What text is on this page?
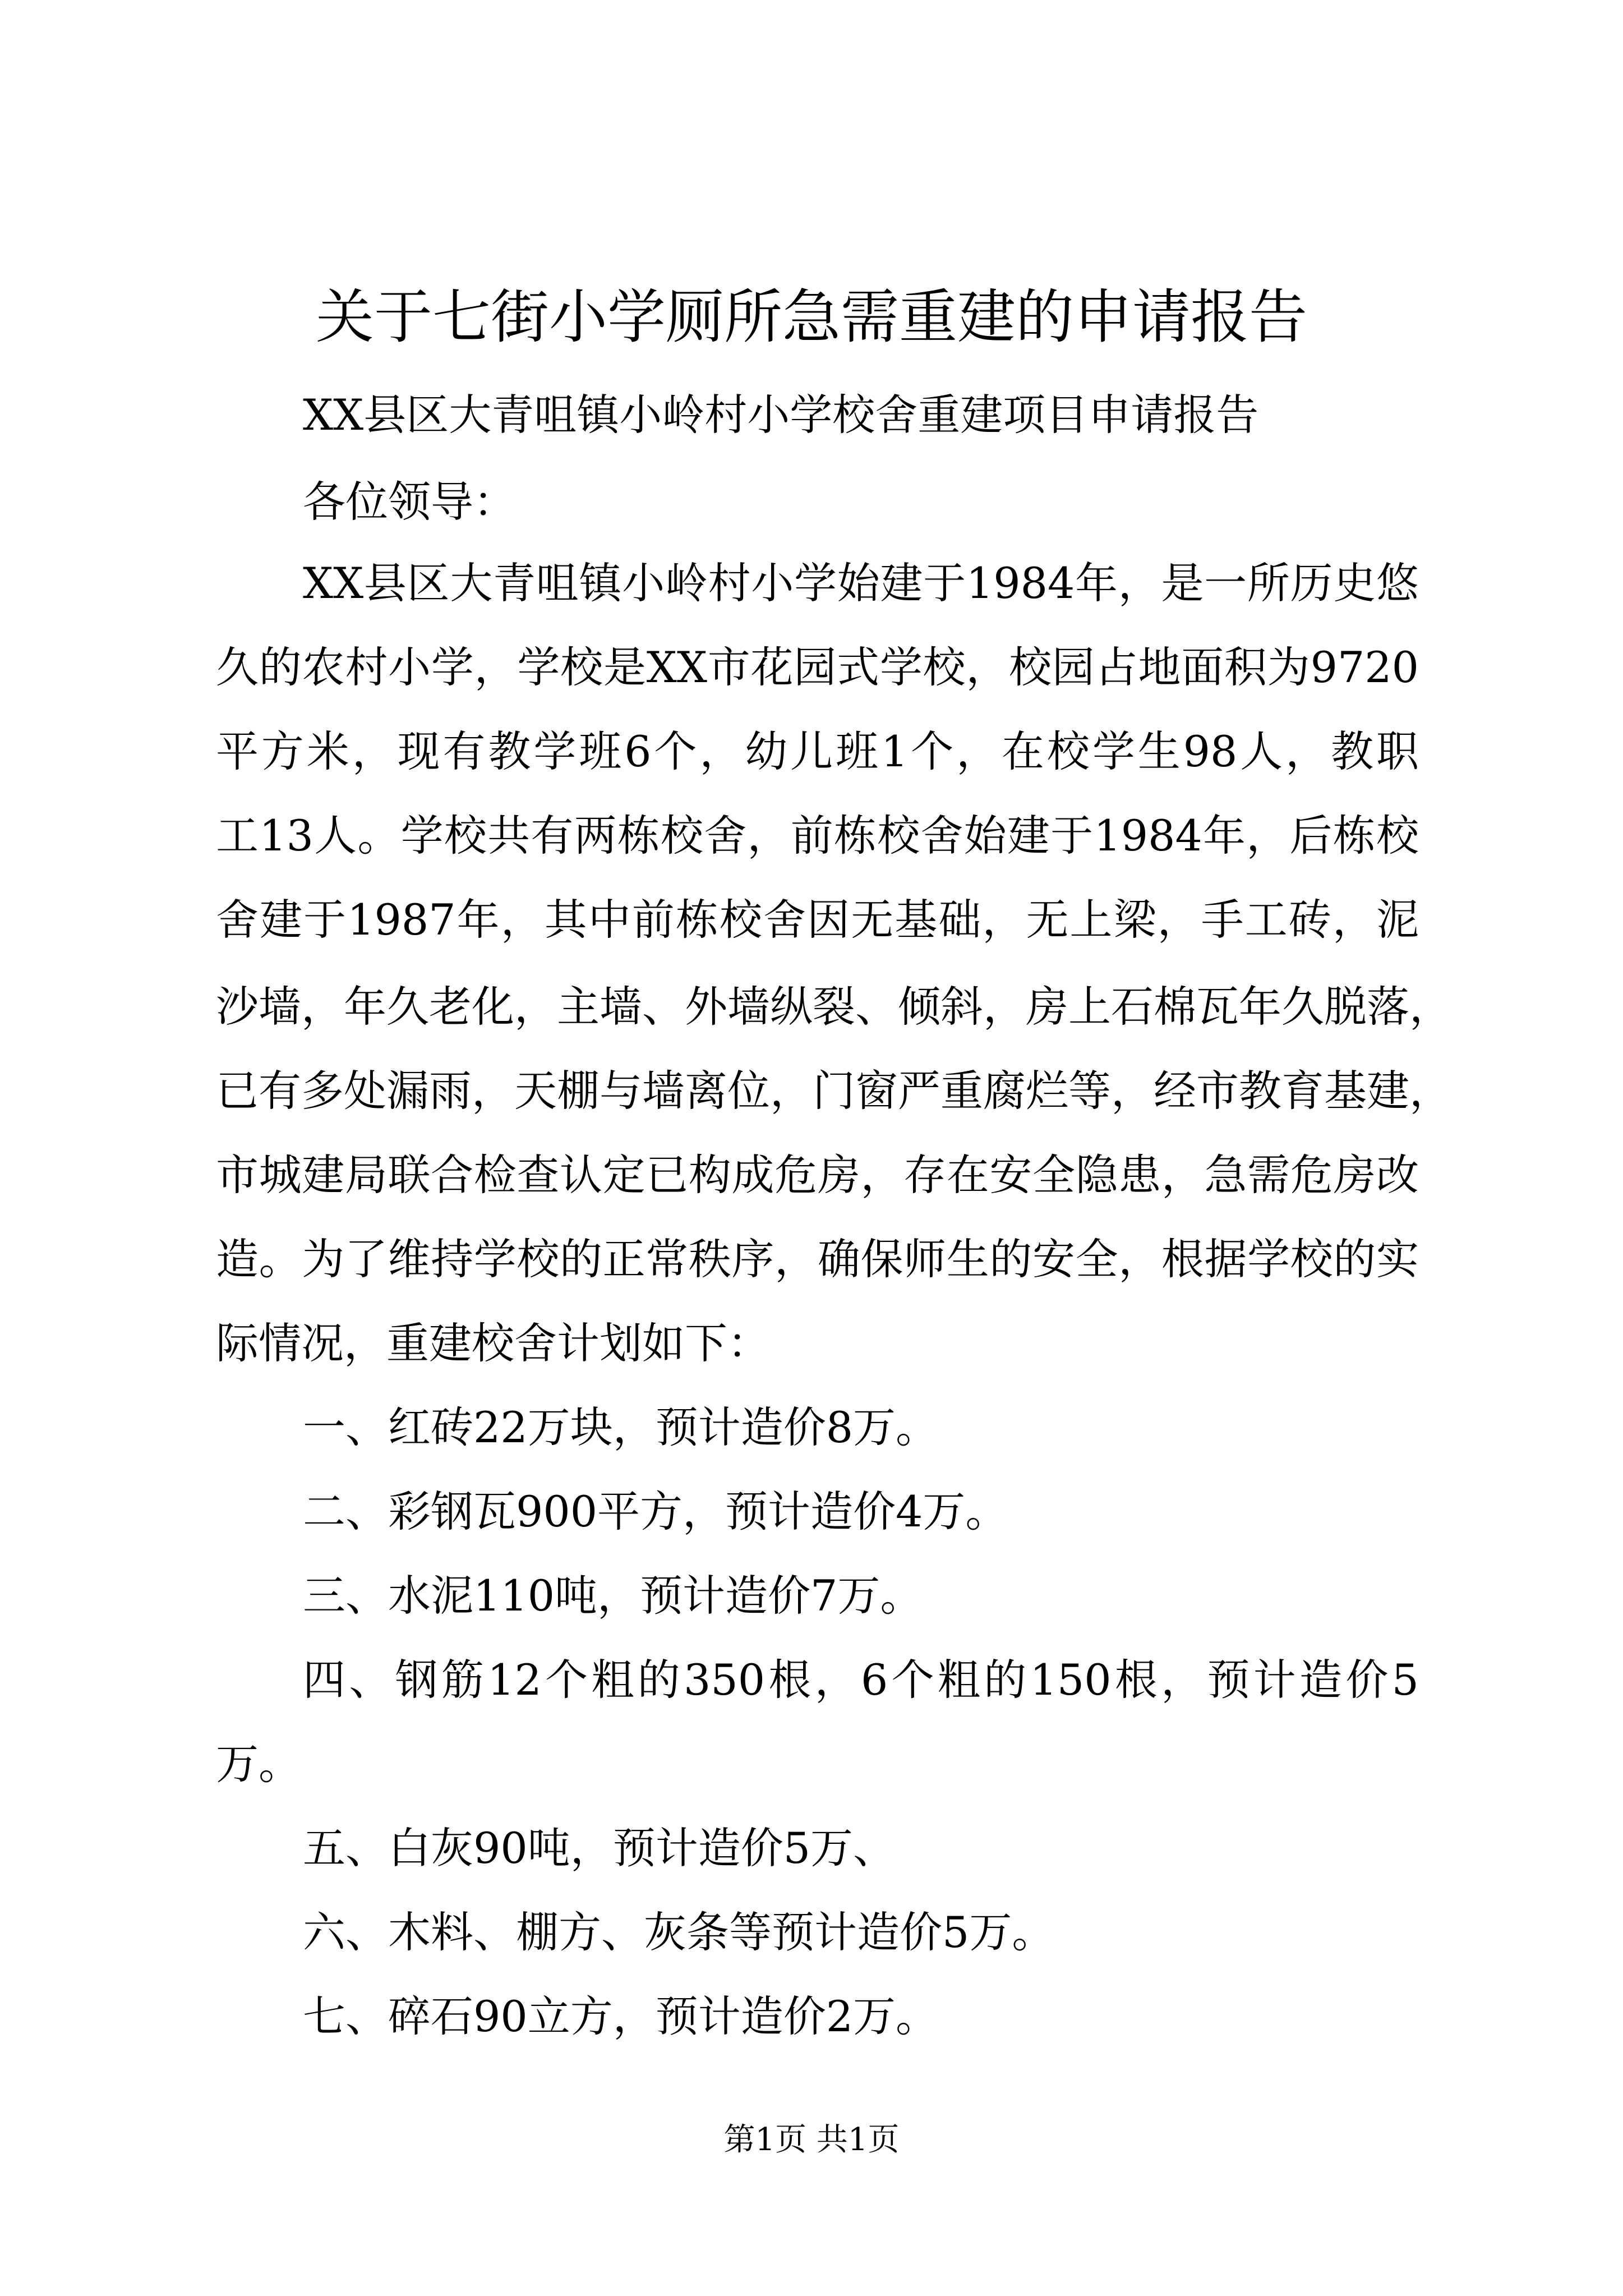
关于七街小学厕所急需重建的申请报告
XX县区大青咀镇小岭村小学校舍重建项目申请报告
各位领导：
XX县区大青咀镇小岭村小学始建于1984年，是一所历史悠
久的农村小学，学校是XX市花园式学校，校园占地面积为9720
平方米，现有教学班6个，幼儿班1个，在校学生98人，教职
工13人。学校共有两栋校舍，前栋校舍始建于1984年，后栋校
舍建于1987年，其中前栋校舍因无基础，无上梁，手工砖，泥
沙墙，年久老化，主墙、外墙纵裂、倾斜，房上石棉瓦年久脱落，
已有多处漏雨，天棚与墙离位，门窗严重腐烂等，经市教育基建，
市城建局联合检查认定已构成危房，存在安全隐患，急需危房改
造。为了维持学校的正常秩序，确保师生的安全，根据学校的实
际情况，重建校舍计划如下：
一、红砖22万块，预计造价8万。
二、彩钢瓦900平方，预计造价4万。
三、水泥110吨，预计造价7万。
四、钢筋12个粗的350根，6个粗的150根，预计造价5
万。
五、白灰90吨，预计造价5万、
六、木料、棚方、灰条等预计造价5万。
七、碎石90立方，预计造价2万。
第1页 共1页
